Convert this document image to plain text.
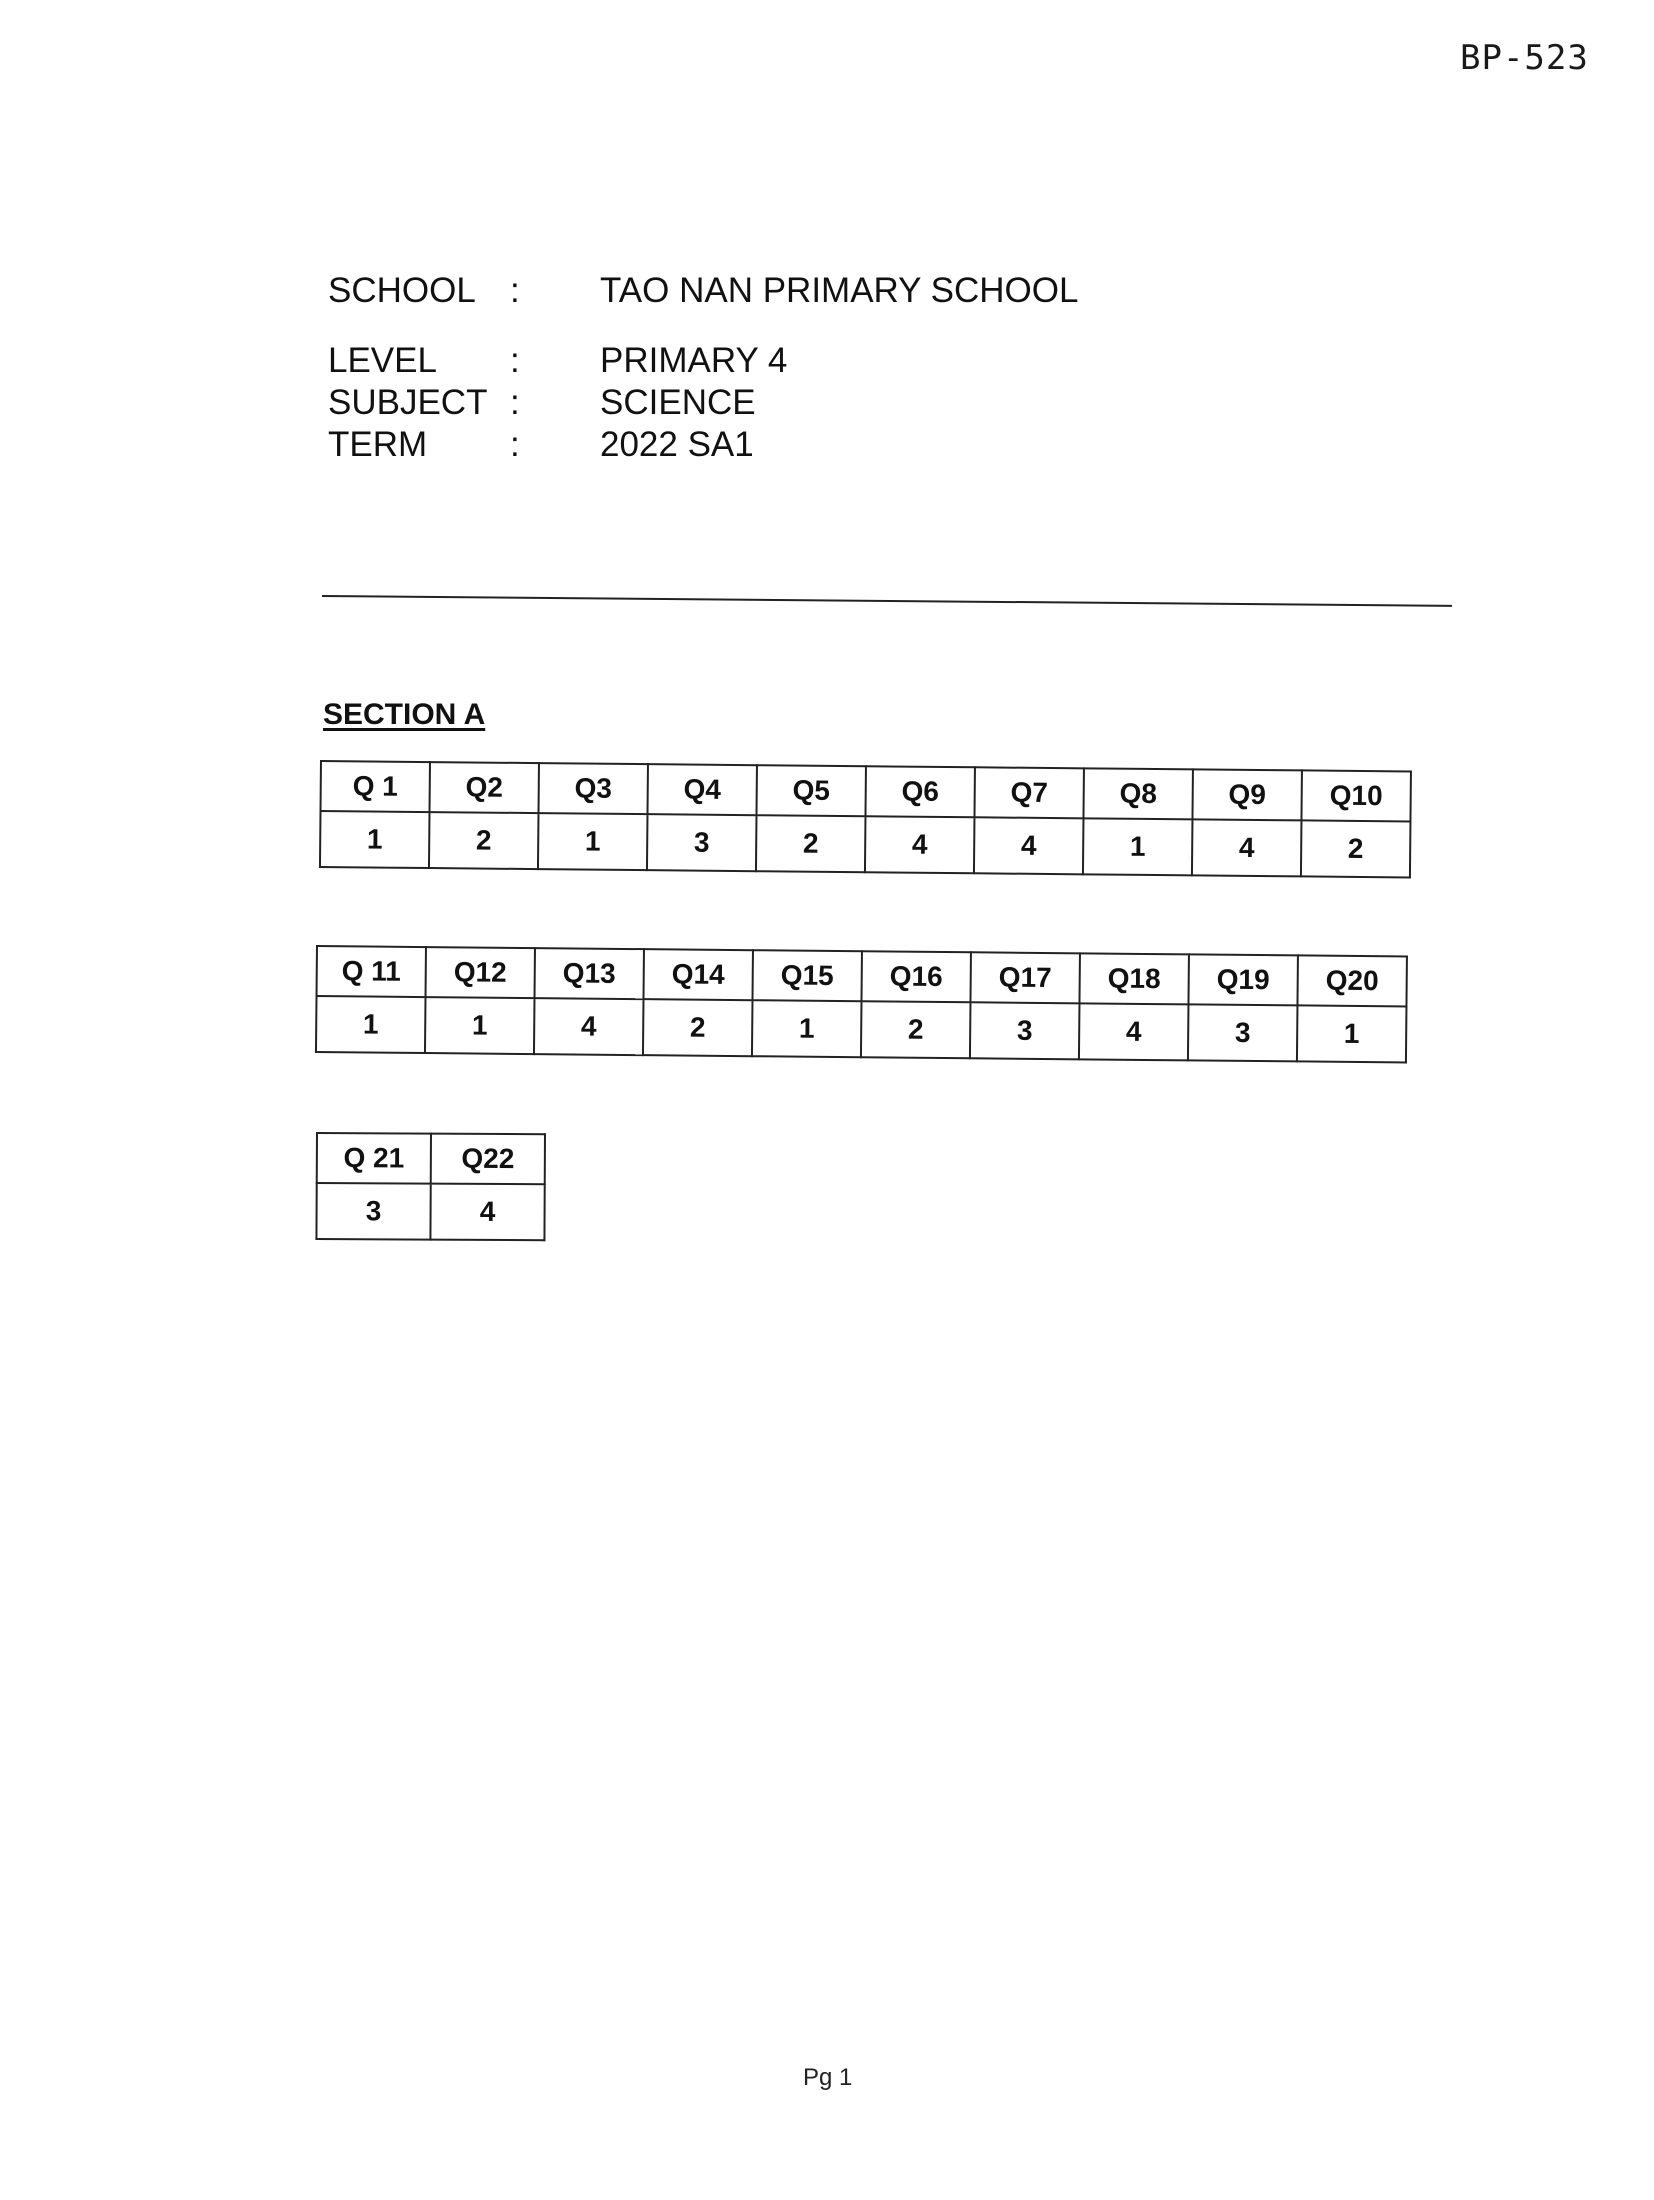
BP-523
SCHOOL : TAO NAN PRIMARY SCHOOL
LEVEL : PRIMARY 4
SUBJECT : SCIENCE
TERM : 2022 SA1
SECTION A
Q 1	Q2	Q3	Q4	Q5	Q6	Q7	Q8	Q9	Q10
1	2	1	3	2	4	4	1	4	2
Q 11	Q12	Q13	Q14	Q15	Q16	Q17	Q18	Q19	Q20
1	1	4	2	1	2	3	4	3	1
Q 21	Q22
3	4
Pg 1
